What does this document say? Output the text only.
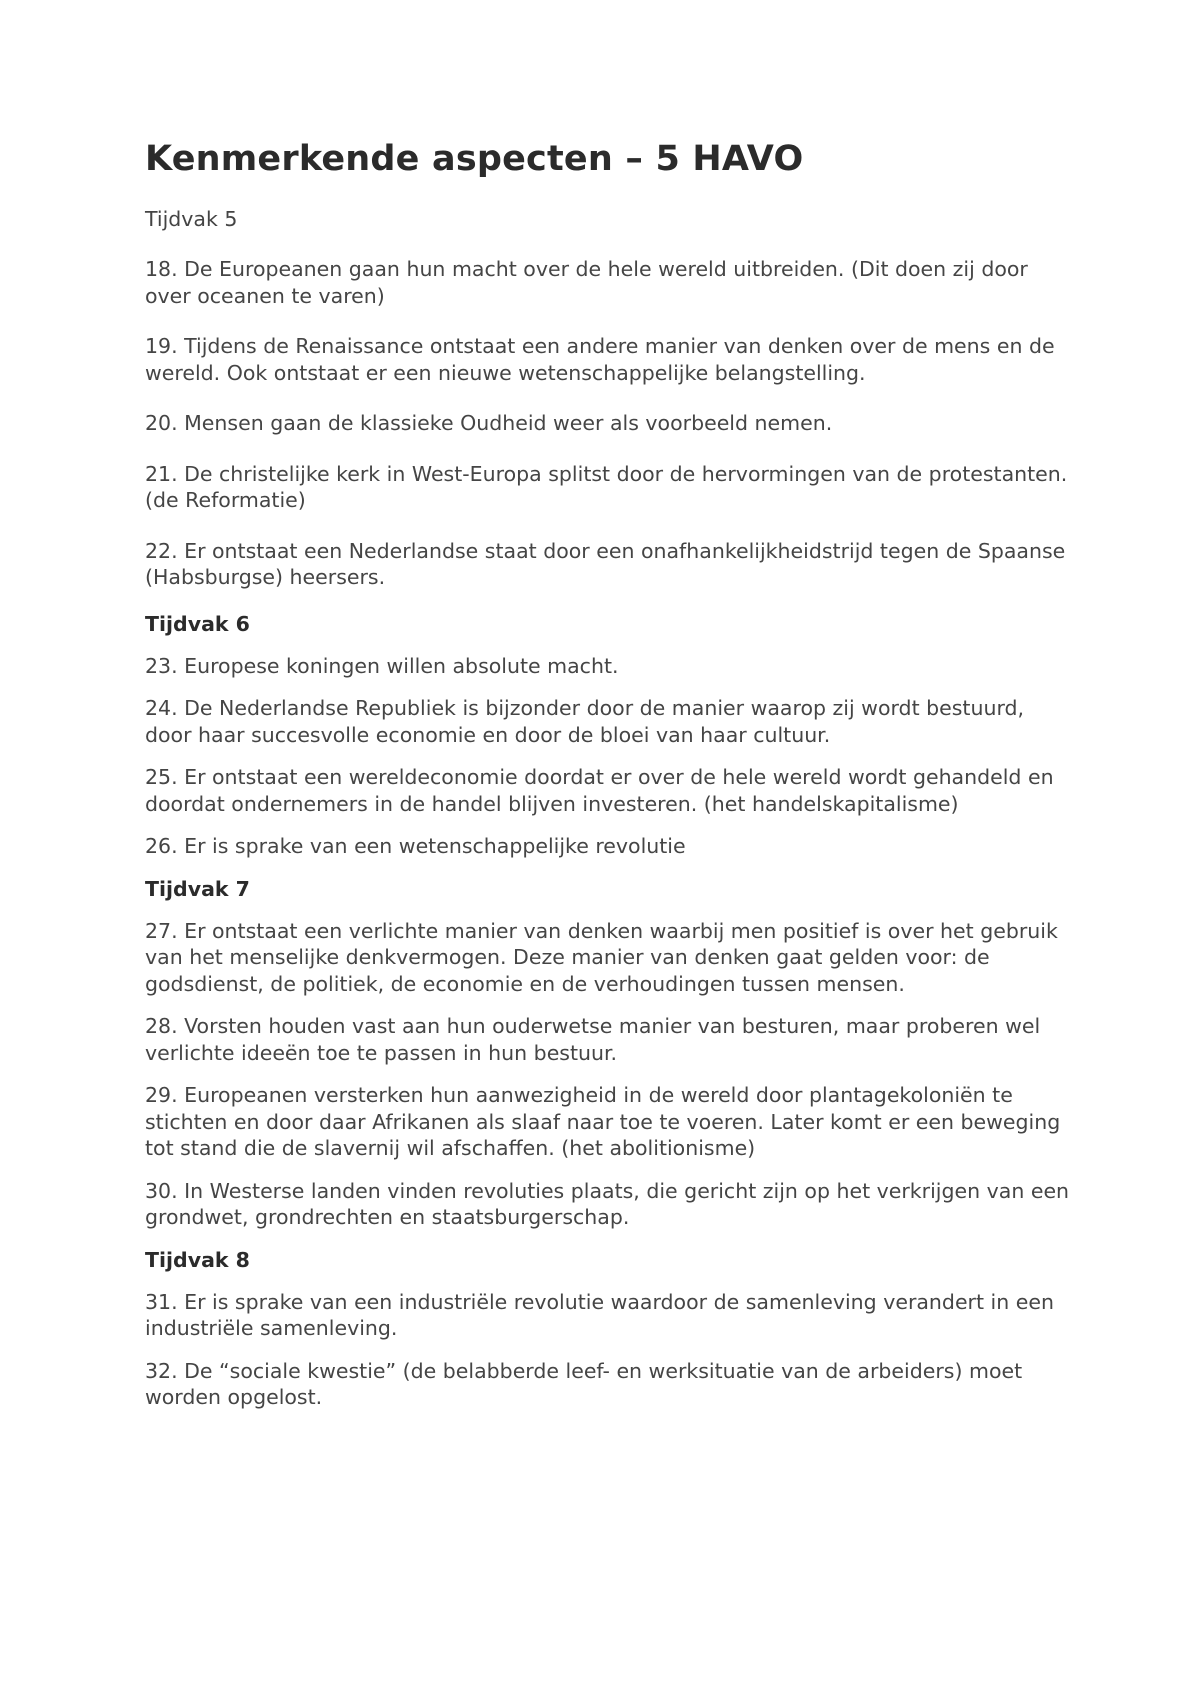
Kenmerkende aspecten – 5 HAVO
Tijdvak 5

18. De Europeanen gaan hun macht over de hele wereld uitbreiden. (Dit doen zij door over oceanen te varen)

19. Tijdens de Renaissance ontstaat een andere manier van denken over de mens en de wereld. Ook ontstaat er een nieuwe wetenschappelijke belangstelling.

20. Mensen gaan de klassieke Oudheid weer als voorbeeld nemen.

21. De christelijke kerk in West-Europa splitst door de hervormingen van de protestanten. (de Reformatie)

22. Er ontstaat een Nederlandse staat door een onafhankelijkheidstrijd tegen de Spaanse (Habsburgse) heersers.

Tijdvak 6

23. Europese koningen willen absolute macht.

24. De Nederlandse Republiek is bijzonder door de manier waarop zij wordt bestuurd, door haar succesvolle economie en door de bloei van haar cultuur.

25. Er ontstaat een wereldeconomie doordat er over de hele wereld wordt gehandeld en doordat ondernemers in de handel blijven investeren. (het handelskapitalisme)

26. Er is sprake van een wetenschappelijke revolutie

Tijdvak 7

27. Er ontstaat een verlichte manier van denken waarbij men positief is over het gebruik van het menselijke denkvermogen. Deze manier van denken gaat gelden voor: de godsdienst, de politiek, de economie en de verhoudingen tussen mensen.

28. Vorsten houden vast aan hun ouderwetse manier van besturen, maar proberen wel verlichte ideeën toe te passen in hun bestuur.

29. Europeanen versterken hun aanwezigheid in de wereld door plantagekoloniën te stichten en door daar Afrikanen als slaaf naar toe te voeren. Later komt er een beweging tot stand die de slavernij wil afschaffen. (het abolitionisme)

30. In Westerse landen vinden revoluties plaats, die gericht zijn op het verkrijgen van een grondwet, grondrechten en staatsburgerschap.

Tijdvak 8

31. Er is sprake van een industriële revolutie waardoor de samenleving verandert in een industriële samenleving.

32. De “sociale kwestie” (de belabberde leef- en werksituatie van de arbeiders) moet worden opgelost.
